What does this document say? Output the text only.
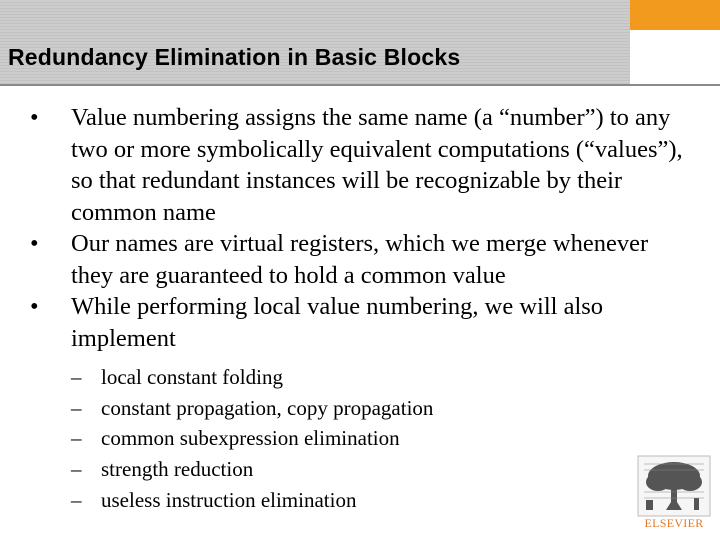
Redundancy Elimination in Basic Blocks
• Value numbering assigns the same name (a “number”) to any two or more symbolically equivalent computations (“values”), so that redundant instances will be recognizable by their common name
• Our names are virtual registers, which we merge whenever they are guaranteed to hold a common value
• While performing local value numbering, we will also implement
– local constant folding
– constant propagation, copy propagation
– common subexpression elimination
– strength reduction
– useless instruction elimination
ELSEVIER
